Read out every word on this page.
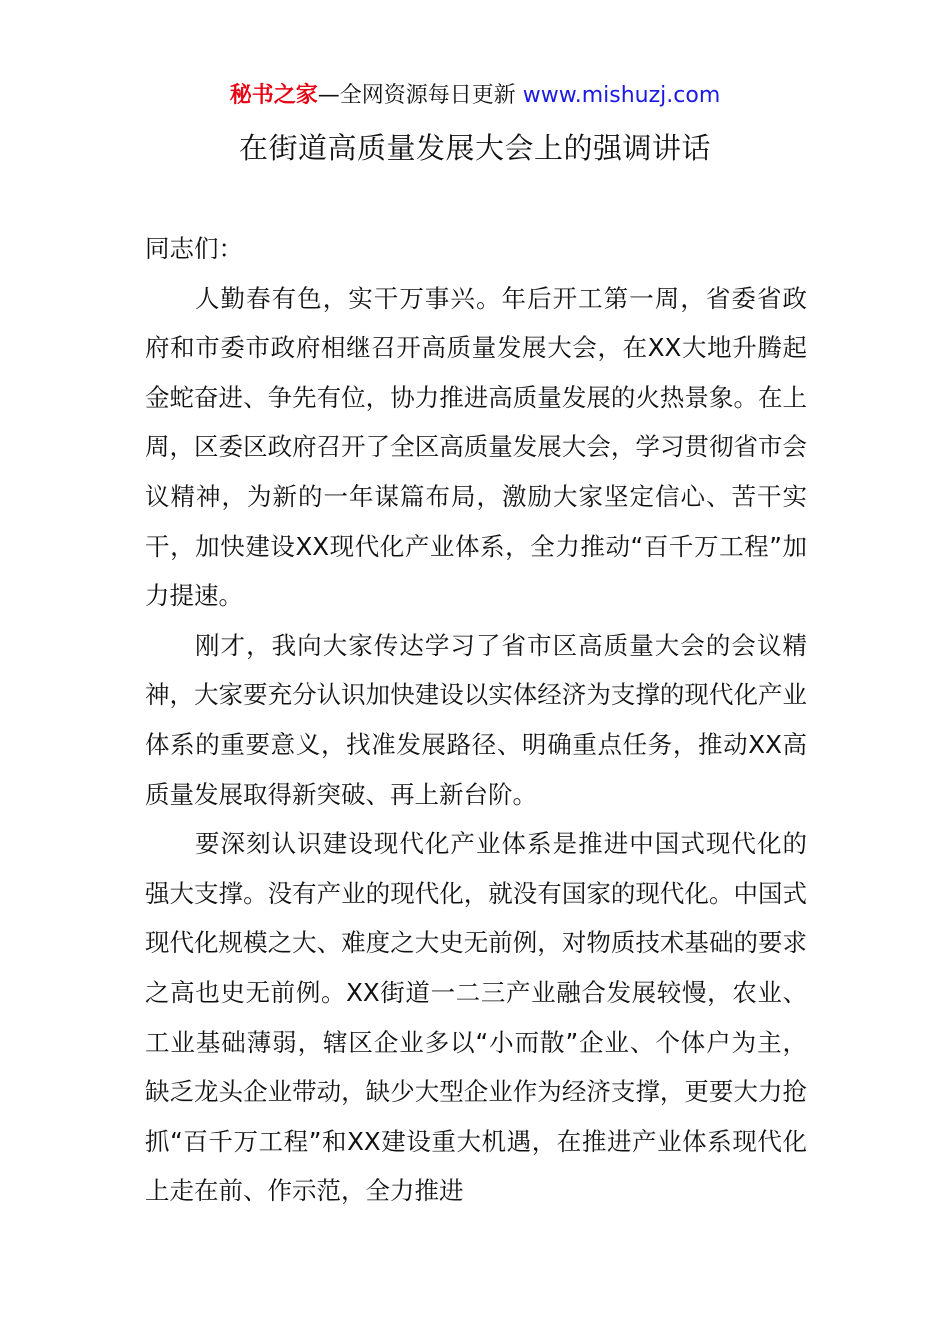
秘书之家—全网资源每日更新 www.mishuzj.com
在街道高质量发展大会上的强调讲话

同志们：

人勤春有色，实干万事兴。年后开工第一周，省委省政府和市委市政府相继召开高质量发展大会，在XX大地升腾起金蛇奋进、争先有位，协力推进高质量发展的火热景象。在上周，区委区政府召开了全区高质量发展大会，学习贯彻省市会议精神，为新的一年谋篇布局，激励大家坚定信心、苦干实干，加快建设XX现代化产业体系，全力推动“百千万工程”加力提速。

刚才，我向大家传达学习了省市区高质量大会的会议精神，大家要充分认识加快建设以实体经济为支撑的现代化产业体系的重要意义，找准发展路径、明确重点任务，推动XX高质量发展取得新突破、再上新台阶。

要深刻认识建设现代化产业体系是推进中国式现代化的强大支撑。没有产业的现代化，就没有国家的现代化。中国式现代化规模之大、难度之大史无前例，对物质技术基础的要求之高也史无前例。XX街道一二三产业融合发展较慢，农业、工业基础薄弱，辖区企业多以“小而散”企业、个体户为主，缺乏龙头企业带动，缺少大型企业作为经济支撑，更要大力抢抓“百千万工程”和XX建设重大机遇，在推进产业体系现代化上走在前、作示范，全力推进
